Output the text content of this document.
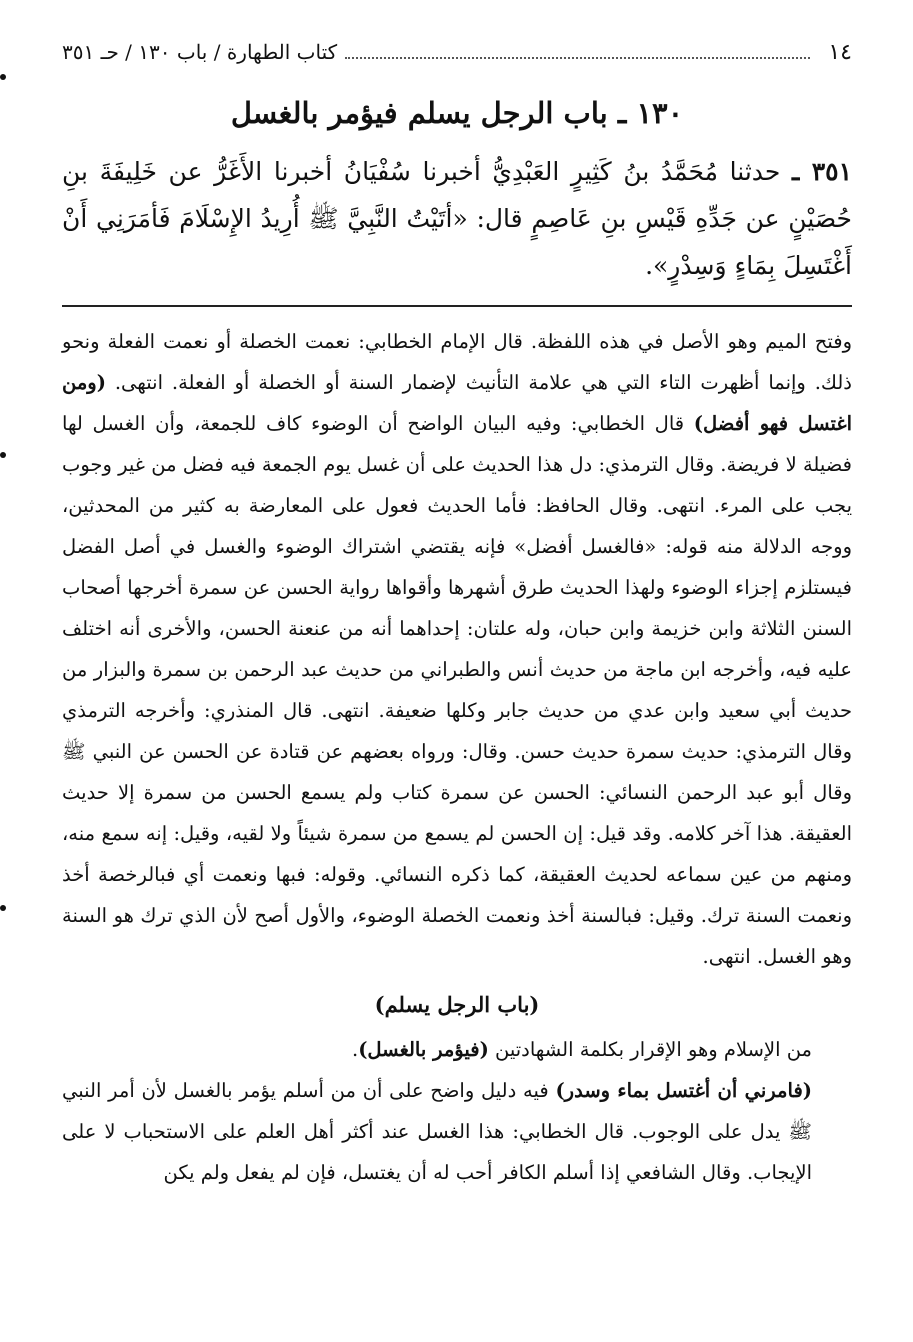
١٤
كتاب الطهارة / باب ١٣٠ / حـ ٣٥١
١٣٠ ـ باب الرجل يسلم فيؤمر بالغسل

٣٥١ ـ حدثنا مُحَمَّدُ بنُ كَثِيرٍ العَبْدِيُّ أخبرنا سُفْيَانُ أخبرنا الأَغَرُّ عن خَلِيفَةَ بنِ حُصَيْنٍ عن جَدِّهِ قَيْسِ بنِ عَاصِمٍ قال: «أتَيْتُ النَّبِيَّ ﷺ أُرِيدُ الإِسْلَامَ فَأمَرَنِي أَنْ أَغْتَسِلَ بِمَاءٍ وَسِدْرٍ».

وفتح الميم وهو الأصل في هذه اللفظة. قال الإمام الخطابي: نعمت الخصلة أو نعمت الفعلة ونحو ذلك. وإنما أظهرت التاء التي هي علامة التأنيث لإضمار السنة أو الخصلة أو الفعلة. انتهى. (ومن اغتسل فهو أفضل) قال الخطابي: وفيه البيان الواضح أن الوضوء كاف للجمعة، وأن الغسل لها فضيلة لا فريضة. وقال الترمذي: دل هذا الحديث على أن غسل يوم الجمعة فيه فضل من غير وجوب يجب على المرء. انتهى. وقال الحافظ: فأما الحديث فعول على المعارضة به كثير من المحدثين، ووجه الدلالة منه قوله: «فالغسل أفضل» فإنه يقتضي اشتراك الوضوء والغسل في أصل الفضل فيستلزم إجزاء الوضوء ولهذا الحديث طرق أشهرها وأقواها رواية الحسن عن سمرة أخرجها أصحاب السنن الثلاثة وابن خزيمة وابن حبان، وله علتان: إحداهما أنه من عنعنة الحسن، والأخرى أنه اختلف عليه فيه، وأخرجه ابن ماجة من حديث أنس والطبراني من حديث عبد الرحمن بن سمرة والبزار من حديث أبي سعيد وابن عدي من حديث جابر وكلها ضعيفة. انتهى. قال المنذري: وأخرجه الترمذي وقال الترمذي: حديث سمرة حديث حسن. وقال: ورواه بعضهم عن قتادة عن الحسن عن النبي ﷺ وقال أبو عبد الرحمن النسائي: الحسن عن سمرة كتاب ولم يسمع الحسن من سمرة إلا حديث العقيقة. هذا آخر كلامه. وقد قيل: إن الحسن لم يسمع من سمرة شيئاً ولا لقيه، وقيل: إنه سمع منه، ومنهم من عين سماعه لحديث العقيقة، كما ذكره النسائي. وقوله: فبها ونعمت أي فبالرخصة أخذ ونعمت السنة ترك. وقيل: فبالسنة أخذ ونعمت الخصلة الوضوء، والأول أصح لأن الذي ترك هو السنة وهو الغسل. انتهى.

(باب الرجل يسلم)

من الإسلام وهو الإقرار بكلمة الشهادتين (فيؤمر بالغسل).

(فامرني أن أغتسل بماء وسدر) فيه دليل واضح على أن من أسلم يؤمر بالغسل لأن أمر النبي ﷺ يدل على الوجوب. قال الخطابي: هذا الغسل عند أكثر أهل العلم على الاستحباب لا على الإيجاب. وقال الشافعي إذا أسلم الكافر أحب له أن يغتسل، فإن لم يفعل ولم يكن
